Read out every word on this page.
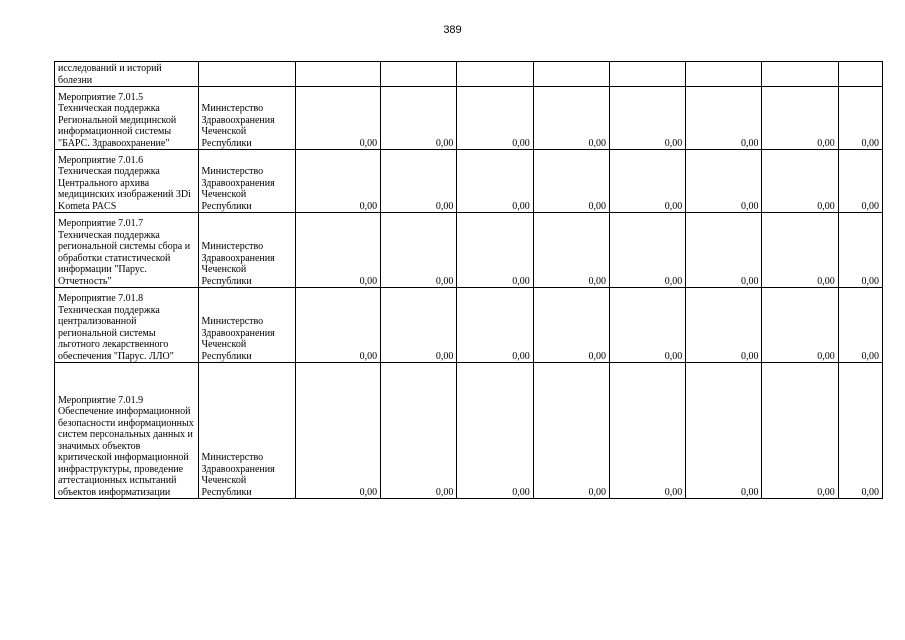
389
исследований и историй болезни									
Мероприятие 7.01.5 Техническая поддержка Региональной медицинской информационной системы "БАРС. Здравоохранение"	Министерство Здравоохранения Чеченской Республики	0,00	0,00	0,00	0,00	0,00	0,00	0,00	0,00
Мероприятие 7.01.6 Техническая поддержка Центрального архива медицинских изображений 3Di Kometa PACS	Министерство Здравоохранения Чеченской Республики	0,00	0,00	0,00	0,00	0,00	0,00	0,00	0,00
Мероприятие 7.01.7 Техническая поддержка региональной системы сбора и обработки статистической информации "Парус. Отчетность"	Министерство Здравоохранения Чеченской Республики	0,00	0,00	0,00	0,00	0,00	0,00	0,00	0,00
Мероприятие 7.01.8 Техническая поддержка централизованной региональной системы льготного лекарственного обеспечения "Парус. ЛЛО"	Министерство Здравоохранения Чеченской Республики	0,00	0,00	0,00	0,00	0,00	0,00	0,00	0,00
Мероприятие 7.01.9 Обеспечение информационной безопасности информационных систем персональных данных и значимых объектов критической информационной инфраструктуры, проведение аттестационных испытаний объектов информатизации	Министерство Здравоохранения Чеченской Республики	0,00	0,00	0,00	0,00	0,00	0,00	0,00	0,00
